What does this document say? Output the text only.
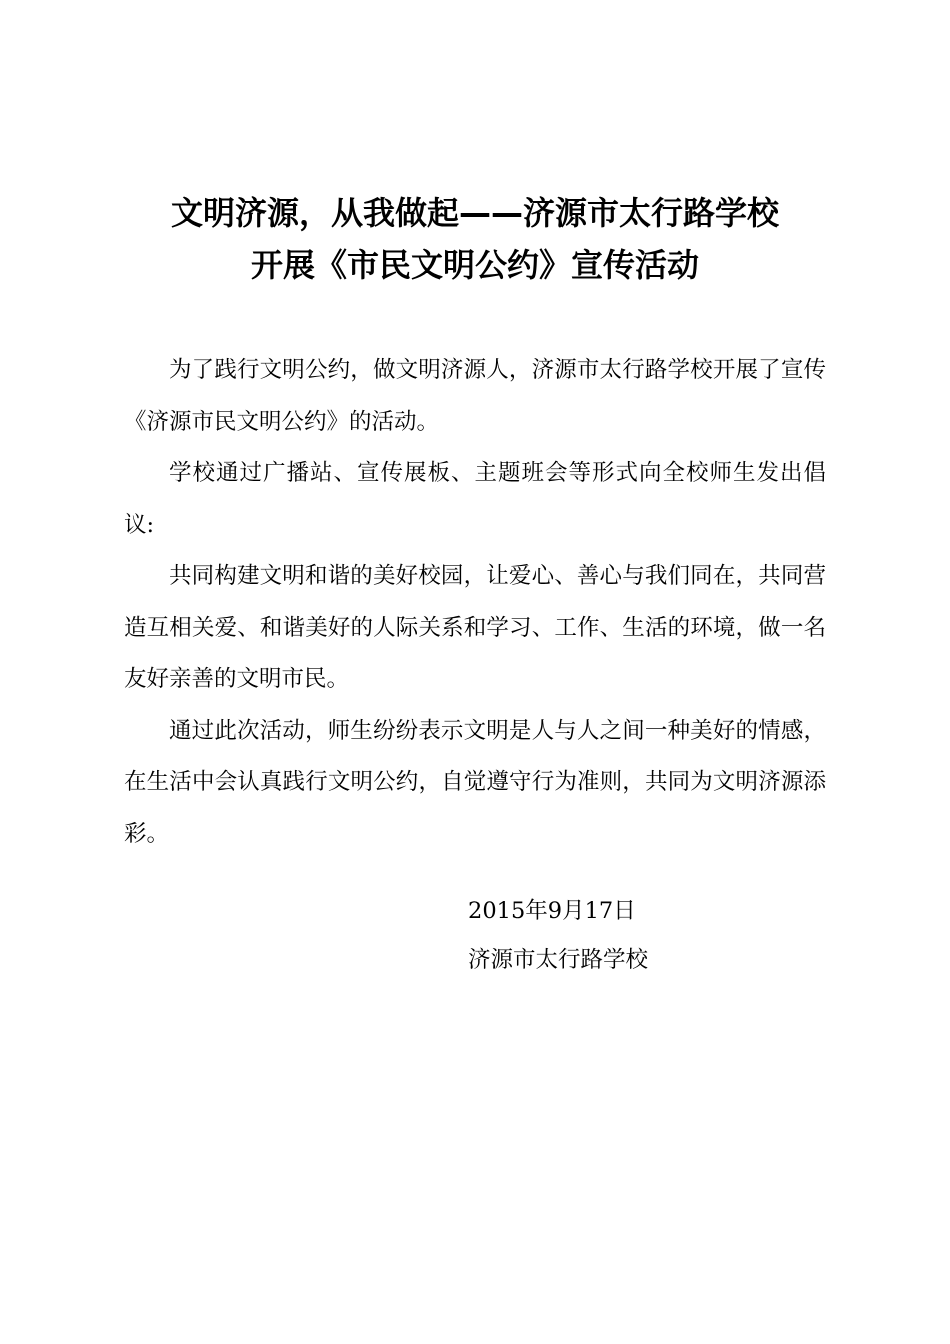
文明济源，从我做起——济源市太行路学校
开展《市民文明公约》宣传活动

为了践行文明公约，做文明济源人，济源市太行路学校开展了宣传《济源市民文明公约》的活动。

学校通过广播站、宣传展板、主题班会等形式向全校师生发出倡议:

共同构建文明和谐的美好校园，让爱心、善心与我们同在，共同营造互相关爱、和谐美好的人际关系和学习、工作、生活的环境，做一名友好亲善的文明市民。

通过此次活动，师生纷纷表示文明是人与人之间一种美好的情感，在生活中会认真践行文明公约，自觉遵守行为准则，共同为文明济源添彩。

2015年9月17日
济源市太行路学校
